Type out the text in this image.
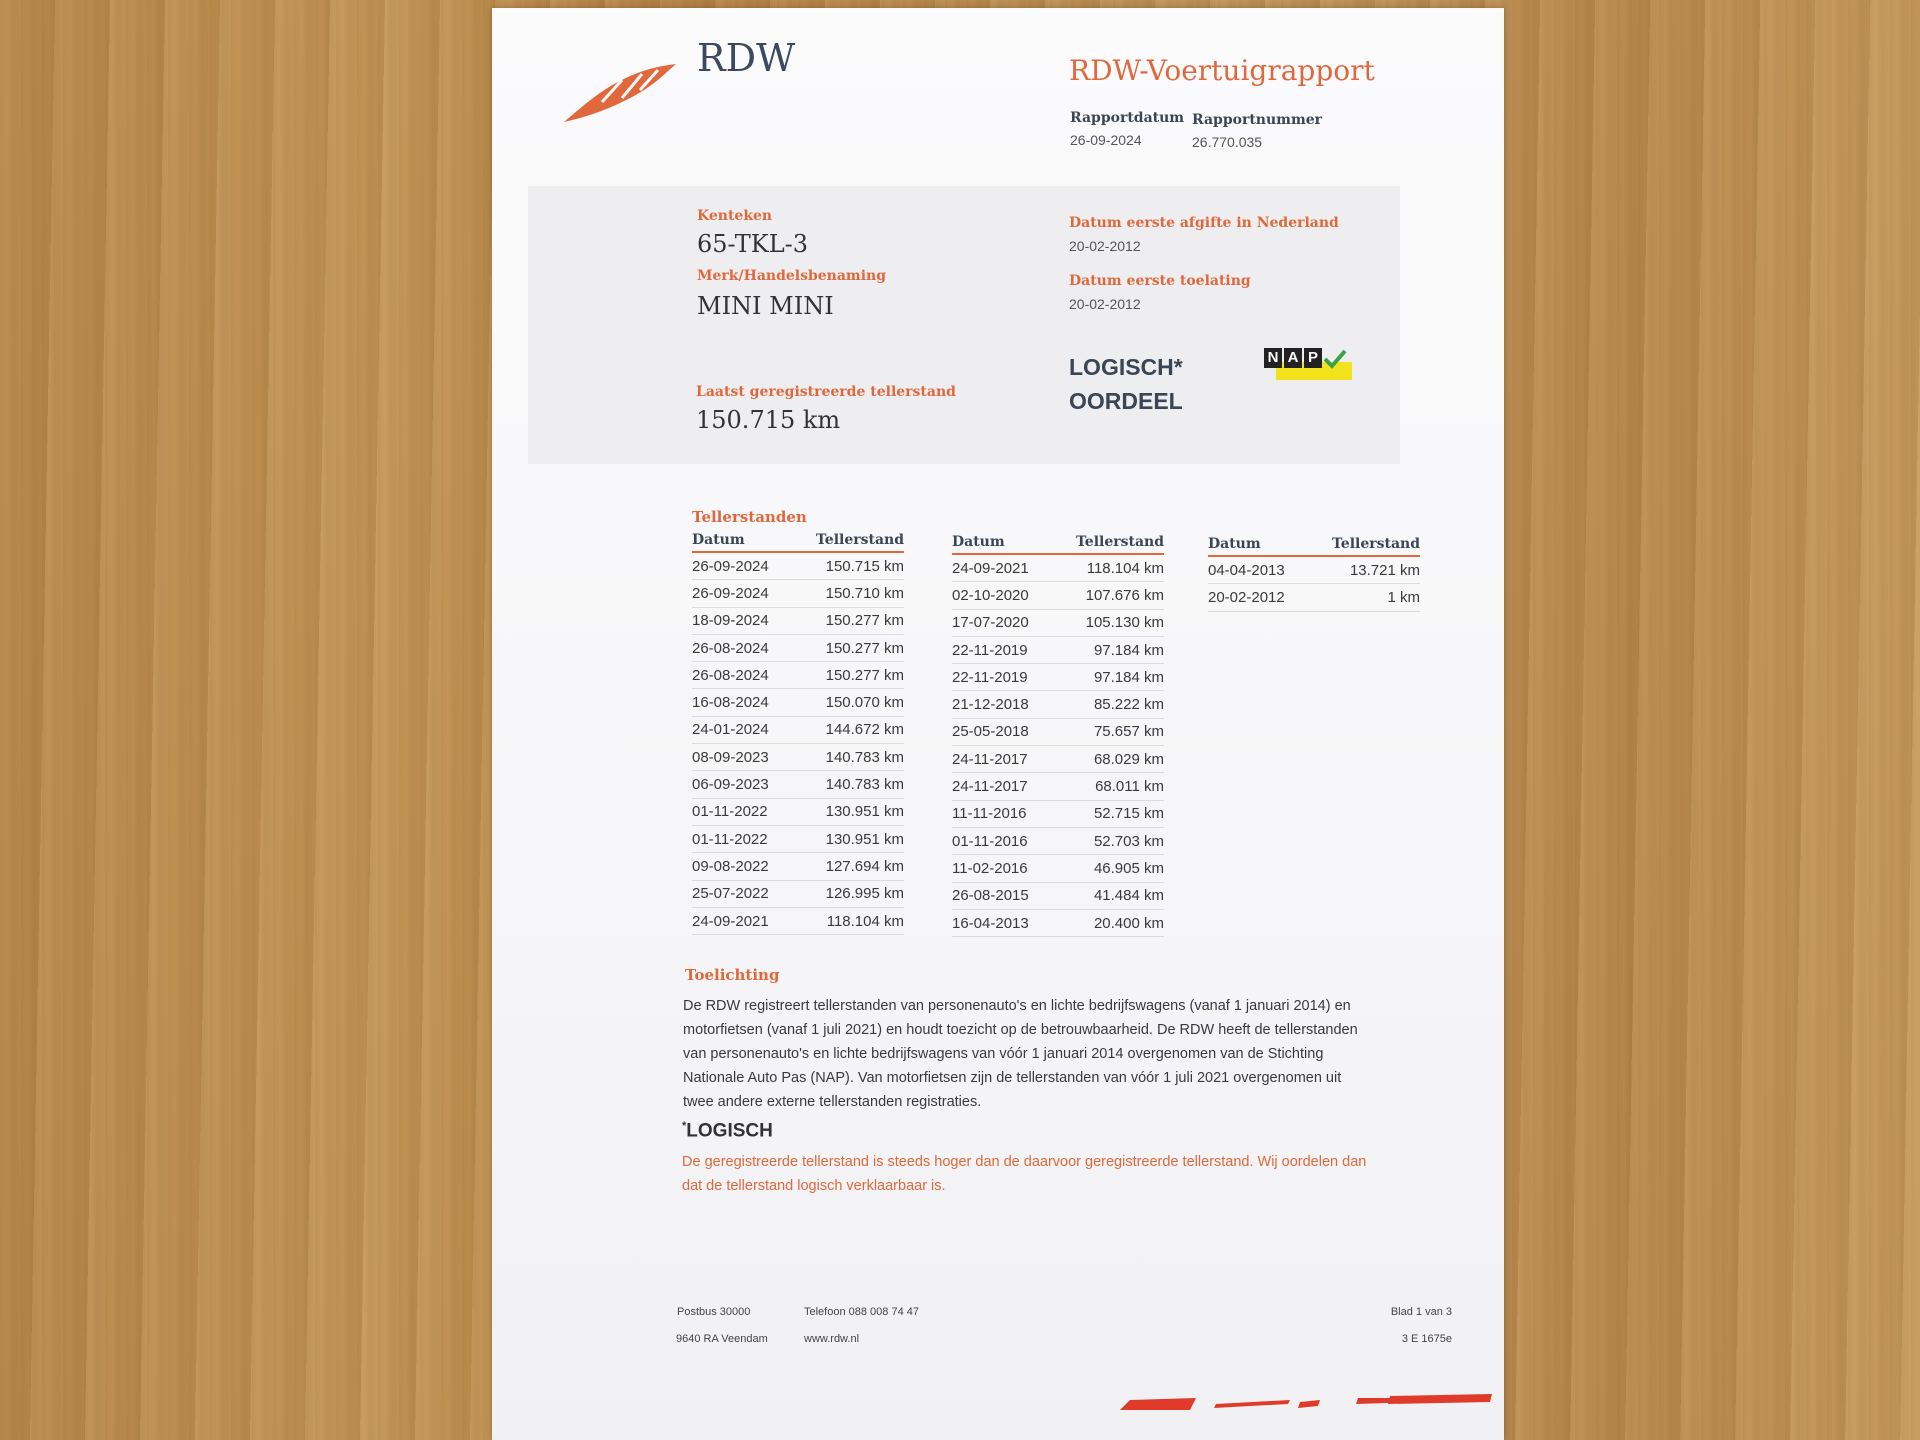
RDW	RDW-Voertuigrapport
Rapportdatum
26-09-2024
Rapportnummer
26.770.035
Kenteken
65-TKL-3
Merk/Handelsbenaming
MINI MINI
Laatst geregistreerde tellerstand
150.715 km
Datum eerste afgifte in Nederland
20-02-2012
Datum eerste toelating
20-02-2012
LOGISCH*
OORDEEL
N A P
Tellerstanden
Datum	Tellerstand
26-09-2024	150.715 km
26-09-2024	150.710 km
18-09-2024	150.277 km
26-08-2024	150.277 km
26-08-2024	150.277 km
16-08-2024	150.070 km
24-01-2024	144.672 km
08-09-2023	140.783 km
06-09-2023	140.783 km
01-11-2022	130.951 km
01-11-2022	130.951 km
09-08-2022	127.694 km
25-07-2022	126.995 km
24-09-2021	118.104 km
Datum	Tellerstand
24-09-2021	118.104 km
02-10-2020	107.676 km
17-07-2020	105.130 km
22-11-2019	97.184 km
22-11-2019	97.184 km
21-12-2018	85.222 km
25-05-2018	75.657 km
24-11-2017	68.029 km
24-11-2017	68.011 km
11-11-2016	52.715 km
01-11-2016	52.703 km
11-02-2016	46.905 km
26-08-2015	41.484 km
16-04-2013	20.400 km
Datum	Tellerstand
04-04-2013	13.721 km
20-02-2012	1 km
Toelichting
De RDW registreert tellerstanden van personenauto's en lichte bedrijfswagens (vanaf 1 januari 2014) en
motorfietsen (vanaf 1 juli 2021) en houdt toezicht op de betrouwbaarheid. De RDW heeft de tellerstanden
van personenauto's en lichte bedrijfswagens van vóór 1 januari 2014 overgenomen van de Stichting
Nationale Auto Pas (NAP). Van motorfietsen zijn de tellerstanden van vóór 1 juli 2021 overgenomen uit
twee andere externe tellerstanden registraties.
*LOGISCH
De geregistreerde tellerstand is steeds hoger dan de daarvoor geregistreerde tellerstand. Wij oordelen dan
dat de tellerstand logisch verklaarbaar is.
Postbus 30000
9640 RA Veendam
Telefoon 088 008 74 47
www.rdw.nl
Blad 1 van 3
3 E 1675e
